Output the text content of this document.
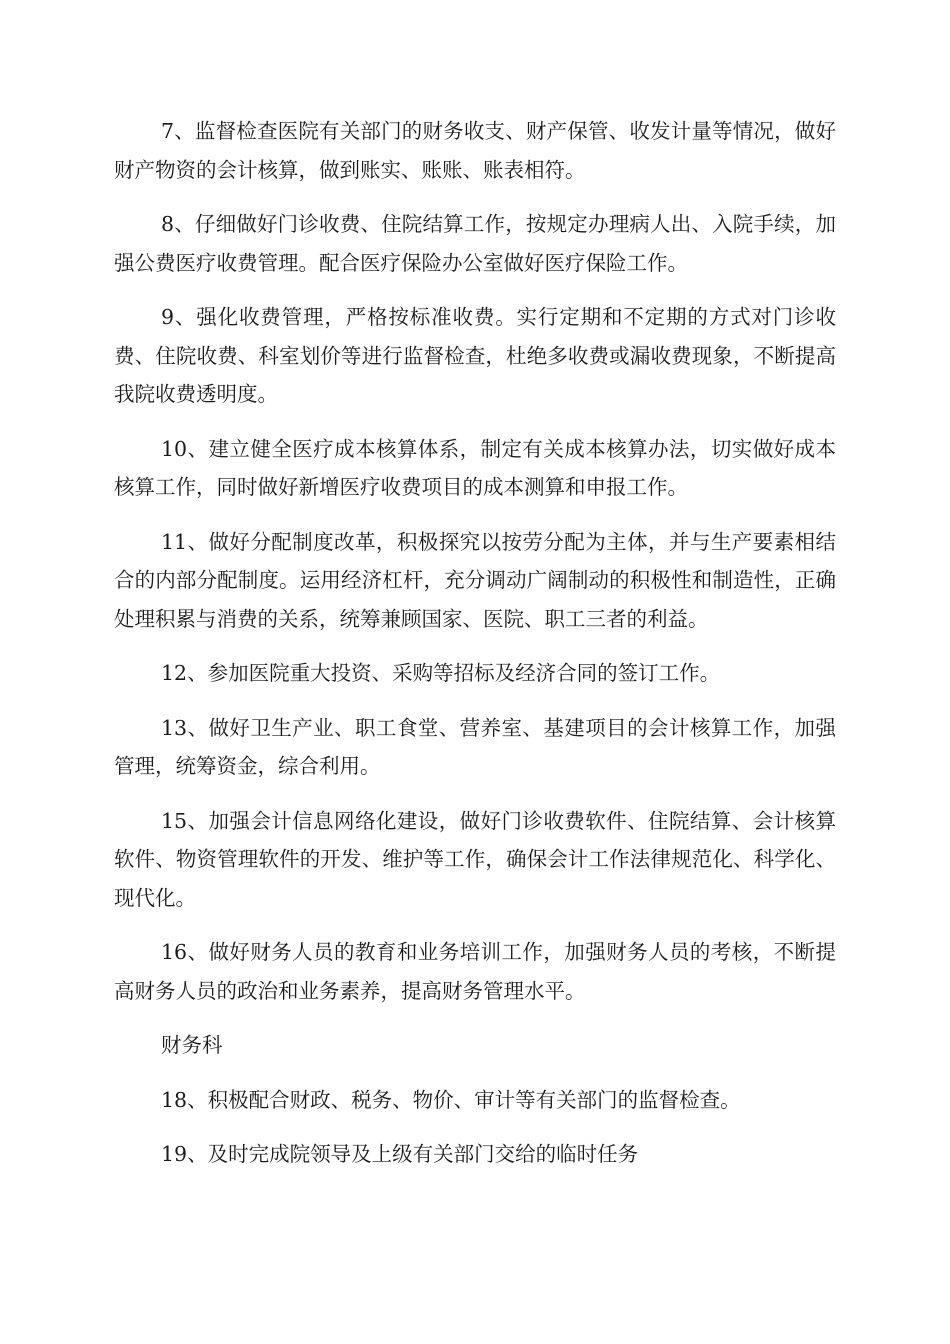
7、监督检查医院有关部门的财务收支、财产保管、收发计量等情况，做好财产物资的会计核算，做到账实、账账、账表相符。

8、仔细做好门诊收费、住院结算工作，按规定办理病人出、入院手续，加强公费医疗收费管理。配合医疗保险办公室做好医疗保险工作。

9、强化收费管理，严格按标准收费。实行定期和不定期的方式对门诊收费、住院收费、科室划价等进行监督检查，杜绝多收费或漏收费现象，不断提高我院收费透明度。

10、建立健全医疗成本核算体系，制定有关成本核算办法，切实做好成本核算工作，同时做好新增医疗收费项目的成本测算和申报工作。

11、做好分配制度改革，积极探究以按劳分配为主体，并与生产要素相结合的内部分配制度。运用经济杠杆，充分调动广阔制动的积极性和制造性，正确处理积累与消费的关系，统筹兼顾国家、医院、职工三者的利益。

12、参加医院重大投资、采购等招标及经济合同的签订工作。

13、做好卫生产业、职工食堂、营养室、基建项目的会计核算工作，加强管理，统筹资金，综合利用。

15、加强会计信息网络化建设，做好门诊收费软件、住院结算、会计核算软件、物资管理软件的开发、维护等工作，确保会计工作法律规范化、科学化、现代化。

16、做好财务人员的教育和业务培训工作，加强财务人员的考核，不断提高财务人员的政治和业务素养，提高财务管理水平。

财务科

18、积极配合财政、税务、物价、审计等有关部门的监督检查。

19、及时完成院领导及上级有关部门交给的临时任务
